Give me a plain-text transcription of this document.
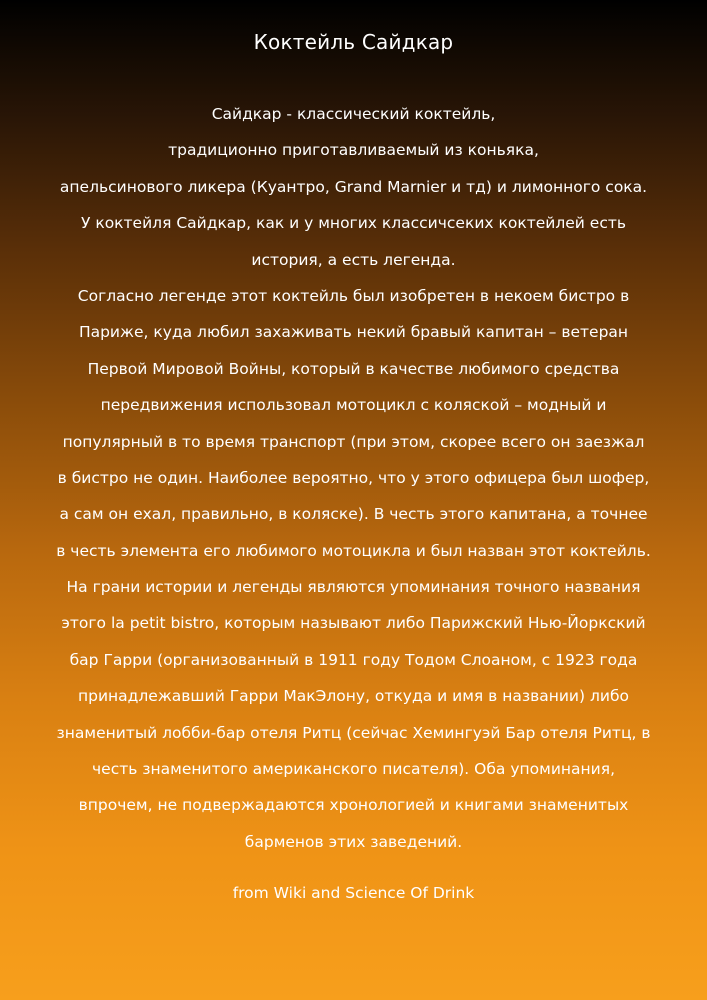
Коктейль Сайдкар
Сайдкар - классический коктейль,
традиционно приготавливаемый из коньяка,
апельсинового ликера (Куантро, Grand Marnier и тд) и лимонного сока.
У коктейля Сайдкар, как и у многих классичсеких коктейлей есть
история, а есть легенда.
Согласно легенде этот коктейль был изобретен в некоем бистро в
Париже, куда любил захаживать некий бравый капитан – ветеран
Первой Мировой Войны, который в качестве любимого средства
передвижения использовал мотоцикл с коляской – модный и
популярный в то время транспорт (при этом, скорее всего он заезжал
в бистро не один. Наиболее вероятно, что у этого офицера был шофер,
а сам он ехал, правильно, в коляске). В честь этого капитана, а точнее
в честь элемента его любимого мотоцикла и был назван этот коктейль.
На грани истории и легенды являются упоминания точного названия
этого la petit bistro, которым называют либо Парижский Нью-Йоркский
бар Гарри (организованный в 1911 году Тодом Слоаном, с 1923 года
принадлежавший Гарри МакЭлону, откуда и имя в названии) либо
знаменитый лобби-бар отеля Ритц (сейчас Хемингуэй Бар отеля Ритц, в
честь знаменитого американского писателя). Оба упоминания,
впрочем, не подвержадаются хронологией и книгами знаменитых
барменов этих заведений.
from Wiki and Science Of Drink
